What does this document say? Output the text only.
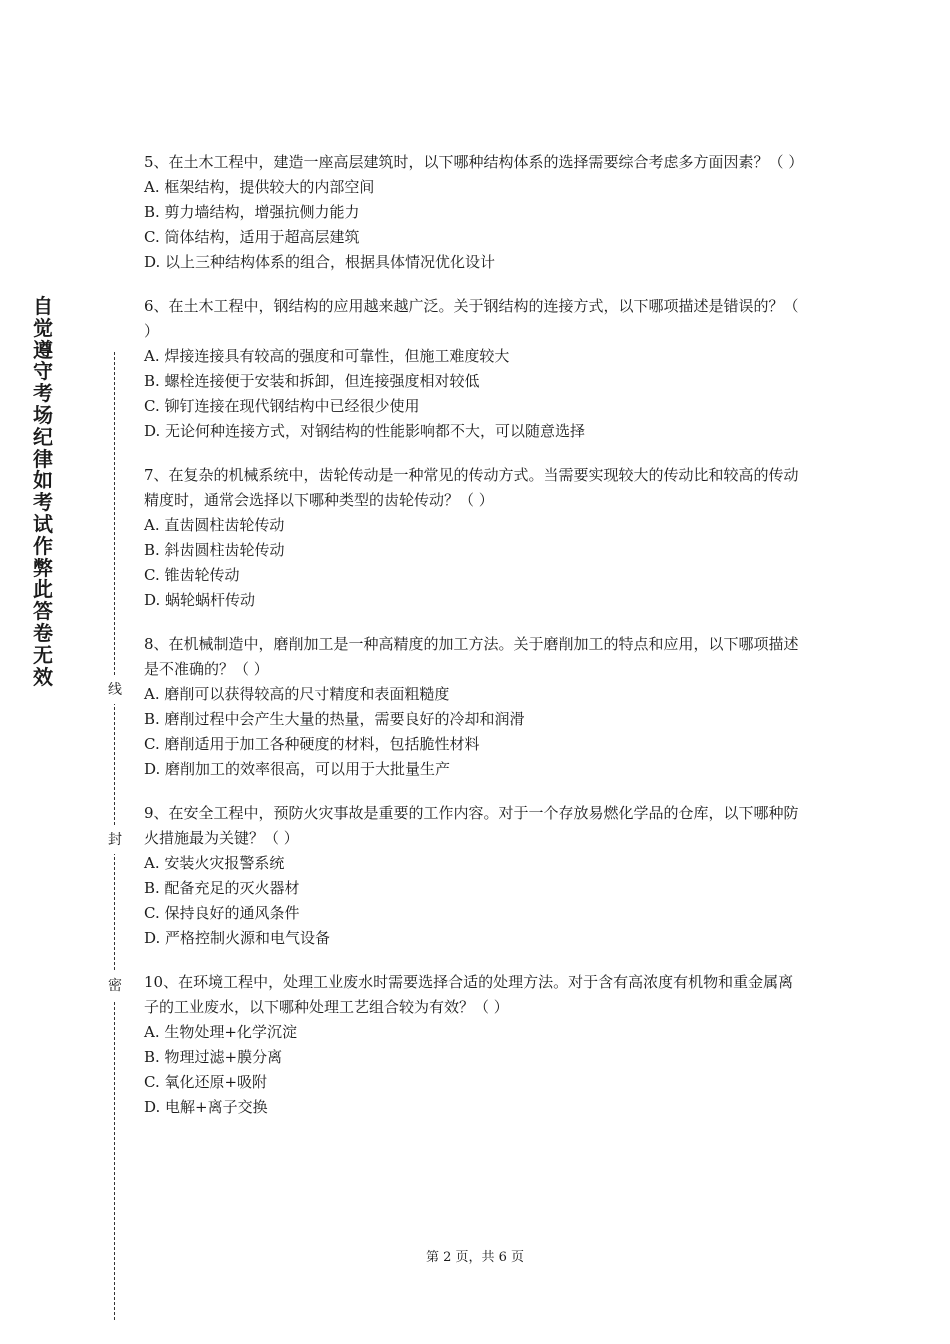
自觉遵守考场纪律如考试作弊此答卷无效
线
封
密

5、在土木工程中，建造一座高层建筑时，以下哪种结构体系的选择需要综合考虑多方面因素？（ ）

A. 框架结构，提供较大的内部空间

B. 剪力墙结构，增强抗侧力能力

C. 筒体结构，适用于超高层建筑

D. 以上三种结构体系的组合，根据具体情况优化设计

6、在土木工程中，钢结构的应用越来越广泛。关于钢结构的连接方式，以下哪项描述是错误的？（ ）

A. 焊接连接具有较高的强度和可靠性，但施工难度较大

B. 螺栓连接便于安装和拆卸，但连接强度相对较低

C. 铆钉连接在现代钢结构中已经很少使用

D. 无论何种连接方式，对钢结构的性能影响都不大，可以随意选择

7、在复杂的机械系统中，齿轮传动是一种常见的传动方式。当需要实现较大的传动比和较高的传动精度时，通常会选择以下哪种类型的齿轮传动？（ ）

A. 直齿圆柱齿轮传动

B. 斜齿圆柱齿轮传动

C. 锥齿轮传动

D. 蜗轮蜗杆传动

8、在机械制造中，磨削加工是一种高精度的加工方法。关于磨削加工的特点和应用，以下哪项描述是不准确的？（ ）

A. 磨削可以获得较高的尺寸精度和表面粗糙度

B. 磨削过程中会产生大量的热量，需要良好的冷却和润滑

C. 磨削适用于加工各种硬度的材料，包括脆性材料

D. 磨削加工的效率很高，可以用于大批量生产

9、在安全工程中，预防火灾事故是重要的工作内容。对于一个存放易燃化学品的仓库，以下哪种防火措施最为关键？（ ）

A. 安装火灾报警系统

B. 配备充足的灭火器材

C. 保持良好的通风条件

D. 严格控制火源和电气设备

10、在环境工程中，处理工业废水时需要选择合适的处理方法。对于含有高浓度有机物和重金属离子的工业废水，以下哪种处理工艺组合较为有效？（ ）

A. 生物处理+化学沉淀

B. 物理过滤+膜分离

C. 氧化还原+吸附

D. 电解+离子交换

第 2 页，共 6 页
